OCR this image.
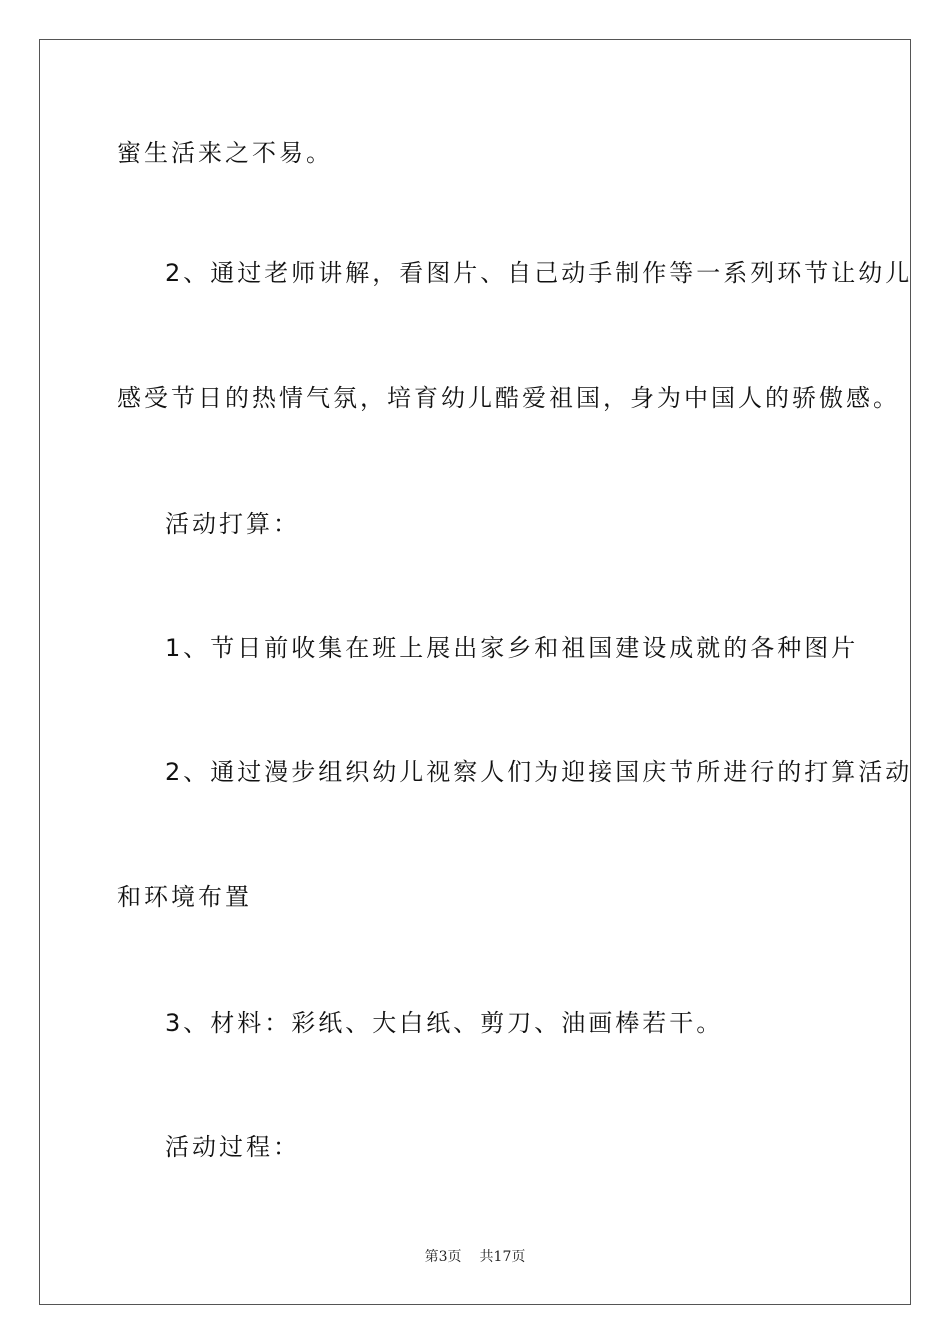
蜜生活来之不易。
2、通过老师讲解，看图片、自己动手制作等一系列环节让幼儿
感受节日的热情气氛，培育幼儿酷爱祖国，身为中国人的骄傲感。
活动打算：
1、节日前收集在班上展出家乡和祖国建设成就的各种图片
2、通过漫步组织幼儿视察人们为迎接国庆节所进行的打算活动
和环境布置
3、材料：彩纸、大白纸、剪刀、油画棒若干。
活动过程：
第3页 共17页
